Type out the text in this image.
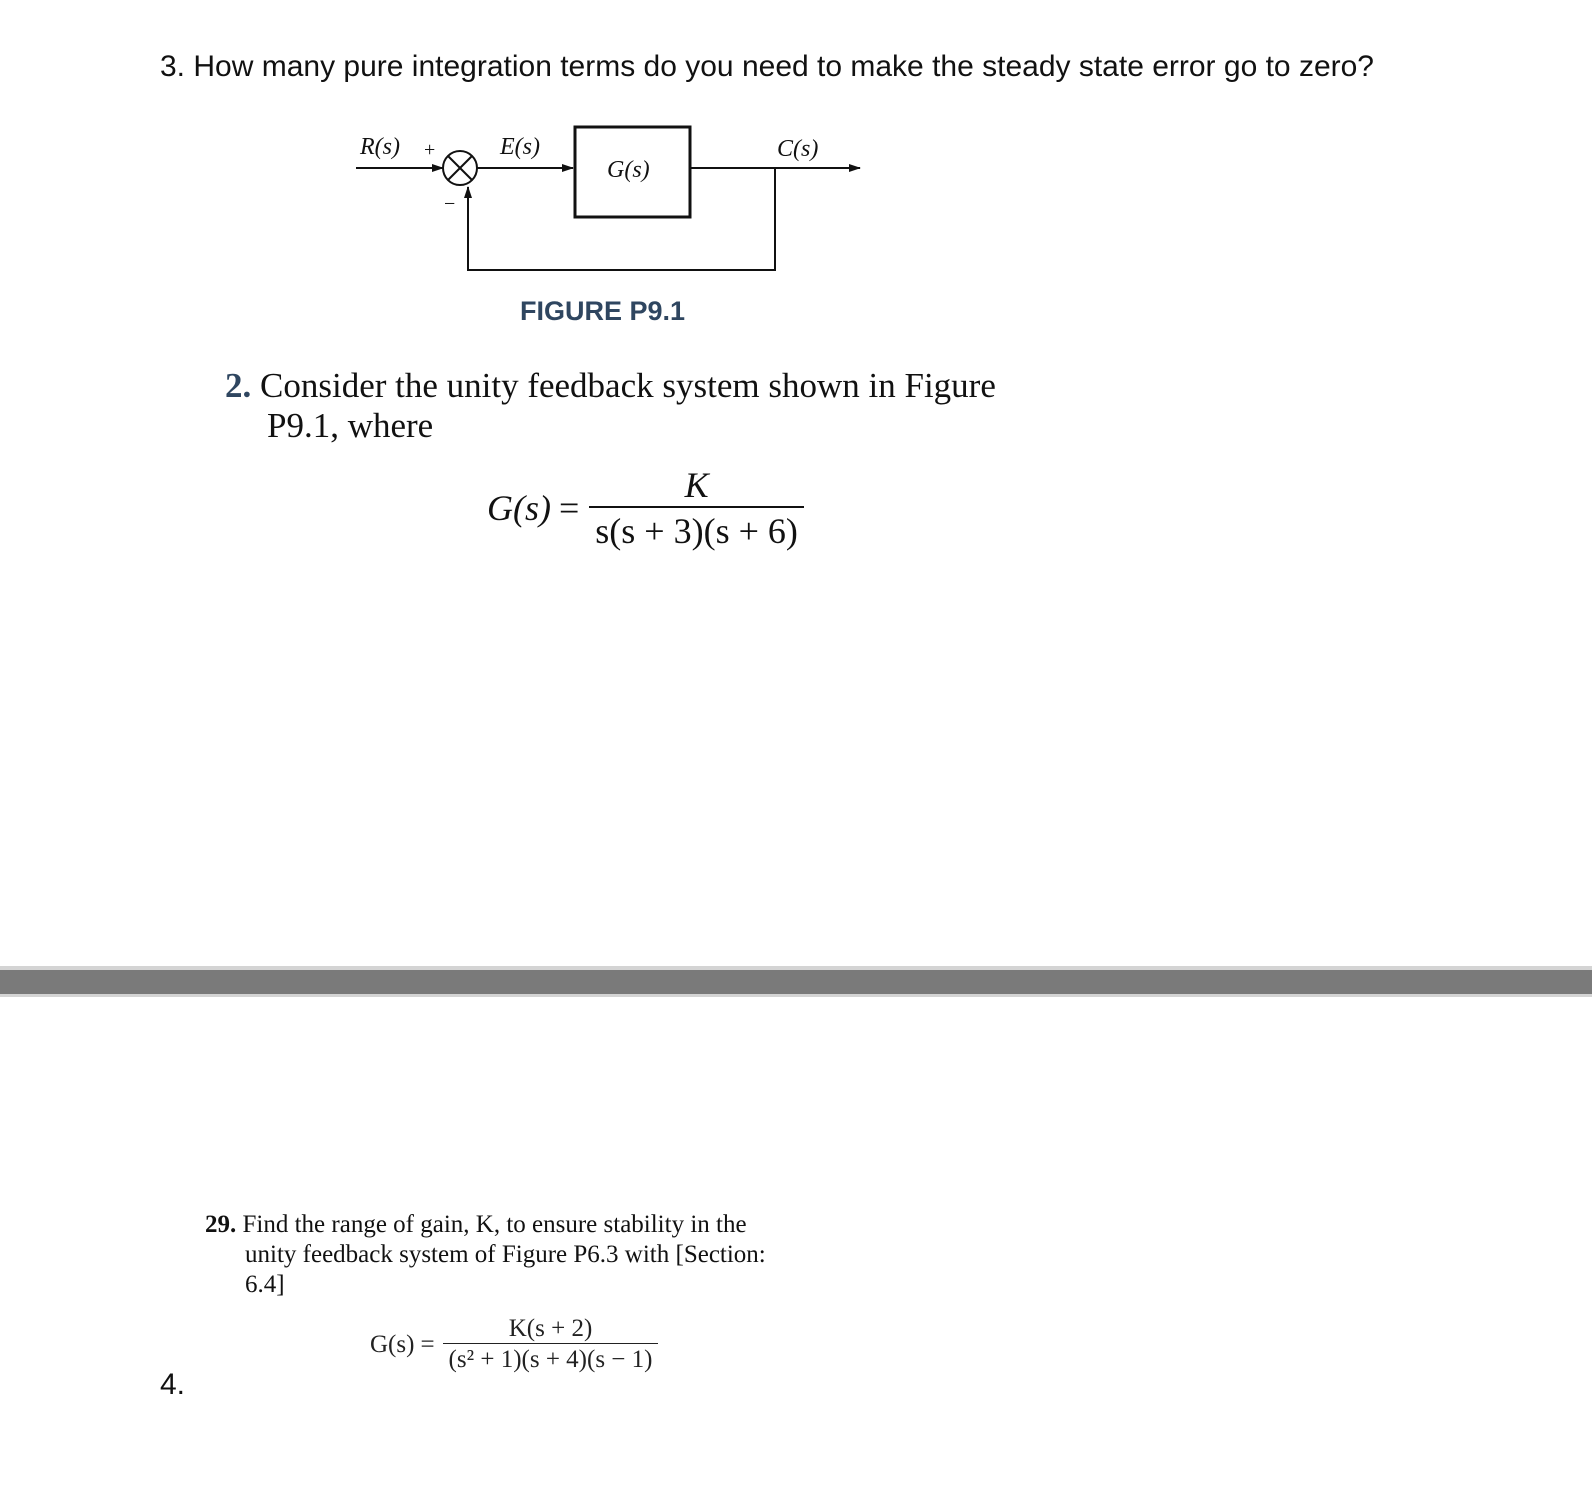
3. How many pure integration terms do you need to make the steady state error go to zero?
R(s) +
−
E(s)
G(s)
C(s)
FIGURE P9.1
2. Consider the unity feedback system shown in Figure
P9.1, where
$G(s) = \frac{K}{s(s + 3)(s + 6)}$
29. Find the range of gain, K, to ensure stability in the
unity feedback system of Figure P6.3 with [Section:
6.4]
$G(s) = \frac{K(s + 2)}{\text{(s² + 1)(s + 4)(s − 1)}}$
4.
